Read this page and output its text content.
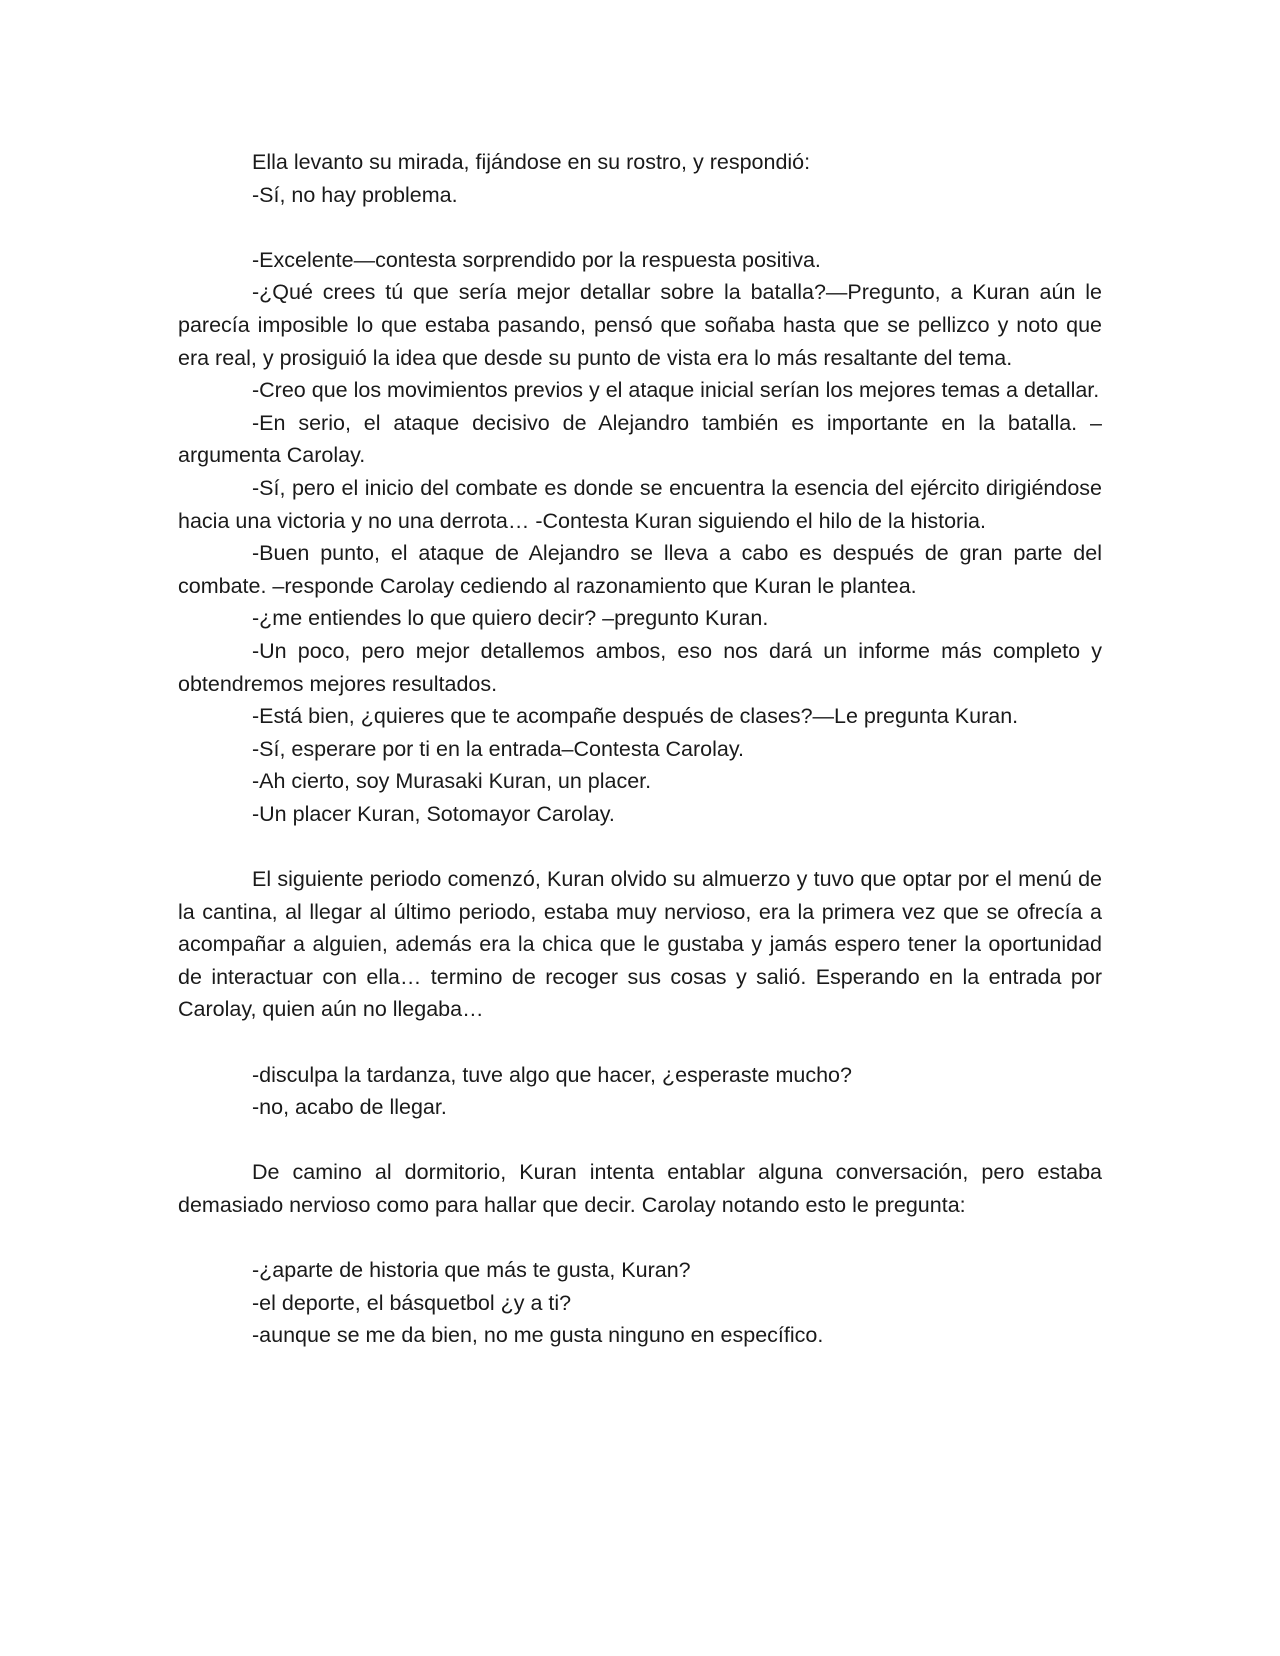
Ella levanto su mirada, fijándose en su rostro, y respondió:

-Sí, no hay problema.

-Excelente—contesta sorprendido por la respuesta positiva.

-¿Qué crees tú que sería mejor detallar sobre la batalla?—Pregunto, a Kuran aún le parecía imposible lo que estaba pasando, pensó que soñaba hasta que se pellizco y noto que era real, y prosiguió la idea que desde su punto de vista era lo más resaltante del tema.

-Creo que los movimientos previos y el ataque inicial serían los mejores temas a detallar.

-En serio, el ataque decisivo de Alejandro también es importante en la batalla. –argumenta Carolay.

-Sí, pero el inicio del combate es donde se encuentra la esencia del ejército dirigiéndose hacia una victoria y no una derrota… -Contesta Kuran siguiendo el hilo de la historia.

-Buen punto, el ataque de Alejandro se lleva a cabo es después de gran parte del combate. –responde Carolay cediendo al razonamiento que Kuran le plantea.

-¿me entiendes lo que quiero decir? –pregunto Kuran.

-Un poco, pero mejor detallemos ambos, eso nos dará un informe más completo y obtendremos mejores resultados.

-Está bien, ¿quieres que te acompañe después de clases?—Le pregunta Kuran.

-Sí, esperare por ti en la entrada–Contesta Carolay.

-Ah cierto, soy Murasaki Kuran, un placer.

-Un placer Kuran, Sotomayor Carolay.

El siguiente periodo comenzó, Kuran olvido su almuerzo y tuvo que optar por el menú de la cantina, al llegar al último periodo, estaba muy nervioso, era la primera vez que se ofrecía a acompañar a alguien, además era la chica que le gustaba y jamás espero tener la oportunidad de interactuar con ella… termino de recoger sus cosas y salió. Esperando en la entrada por Carolay, quien aún no llegaba…

-disculpa la tardanza, tuve algo que hacer, ¿esperaste mucho?

-no, acabo de llegar.

De camino al dormitorio, Kuran intenta entablar alguna conversación, pero estaba demasiado nervioso como para hallar que decir. Carolay notando esto le pregunta:

-¿aparte de historia que más te gusta, Kuran?

-el deporte, el básquetbol ¿y a ti?

-aunque se me da bien, no me gusta ninguno en específico.
